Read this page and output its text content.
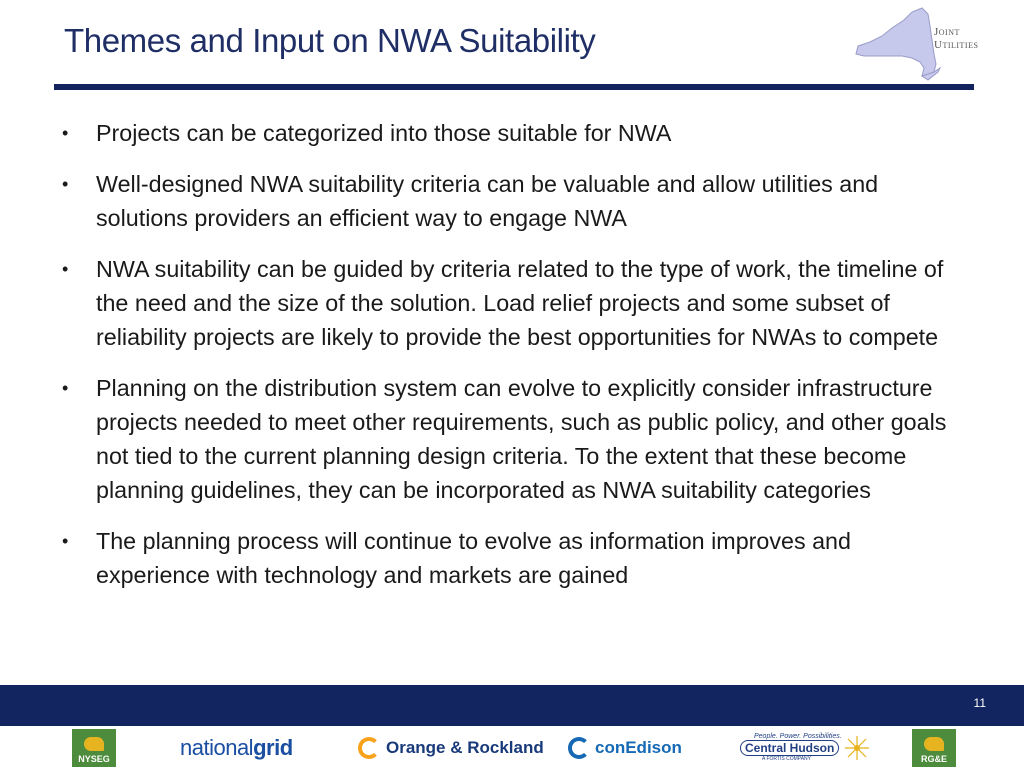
Themes and Input on NWA Suitability	Joint
Utilities
• Projects can be categorized into those suitable for NWA
• Well-designed NWA suitability criteria can be valuable and allow utilities and solutions providers an efficient way to engage NWA
• NWA suitability can be guided by criteria related to the type of work, the timeline of the need and the size of the solution. Load relief projects and some subset of reliability projects are likely to provide the best opportunities for NWAs to compete
• Planning on the distribution system can evolve to explicitly consider infrastructure projects needed to meet other requirements, such as public policy, and other goals not tied to the current planning design criteria. To the extent that these become planning guidelines, they can be incorporated as NWA suitability categories
• The planning process will continue to evolve as information improves and experience with technology and markets are gained
11
NYSEG	nationalgrid	Orange & Rockland	conEdison
People. Power. Possibilities.
Central Hudson
A FORTIS COMPANY	RG&E
